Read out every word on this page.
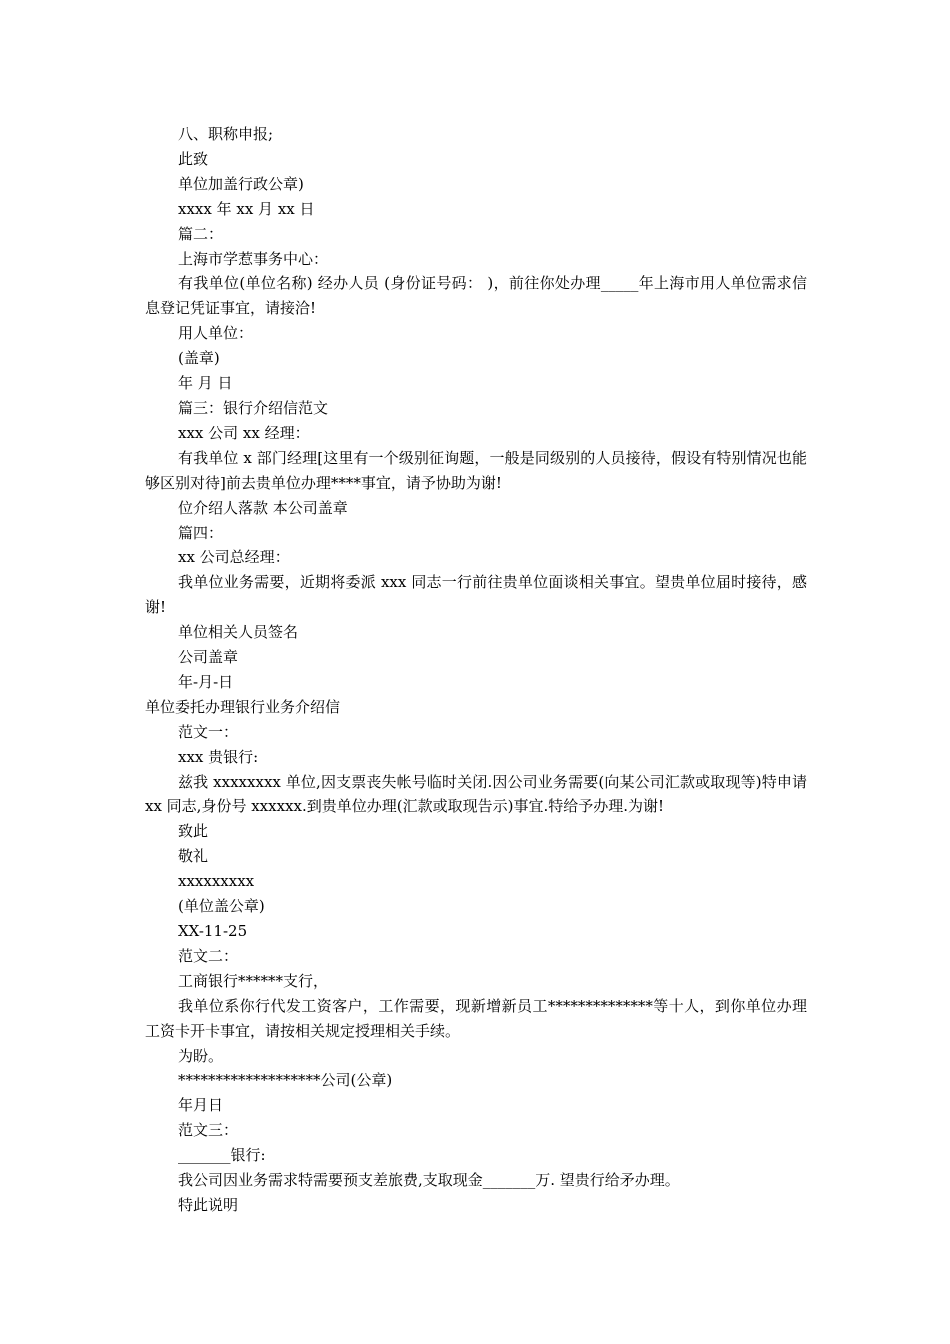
八、职称申报;

此致

单位加盖行政公章)

xxxx 年 xx 月 xx 日

篇二：

上海市学惹事务中心：

有我单位(单位名称) 经办人员 (身份证号码： )，前往你处办理_____年上海市用人单位需求信息登记凭证事宜，请接洽!

用人单位：

(盖章)

年 月 日

篇三：银行介绍信范文

xxx 公司 xx 经理：

有我单位 x 部门经理[这里有一个级别征询题，一般是同级别的人员接待，假设有特别情况也能够区别对待]前去贵单位办理****事宜，请予协助为谢!

位介绍人落款 本公司盖章

篇四：

xx 公司总经理：

我单位业务需要，近期将委派 xxx 同志一行前往贵单位面谈相关事宜。望贵单位届时接待，感谢!

单位相关人员签名

公司盖章

年-月-日

单位委托办理银行业务介绍信

范文一：

xxx 贵银行:

兹我 xxxxxxxx 单位,因支票丧失帐号临时关闭.因公司业务需要(向某公司汇款或取现等)特申请 xx 同志,身份号 xxxxxx.到贵单位办理(汇款或取现告示)事宜.特给予办理.为谢!

致此

敬礼

xxxxxxxxx

(单位盖公章)

XX-11-25

范文二：

工商银行******支行，

我单位系你行代发工资客户，工作需要，现新增新员工**************等十人，到你单位办理工资卡开卡事宜，请按相关规定授理相关手续。

为盼。

*******************公司(公章)

年月日

范文三：

_______银行:

我公司因业务需求特需要预支差旅费,支取现金_______万. 望贵行给矛办理。

特此说明
